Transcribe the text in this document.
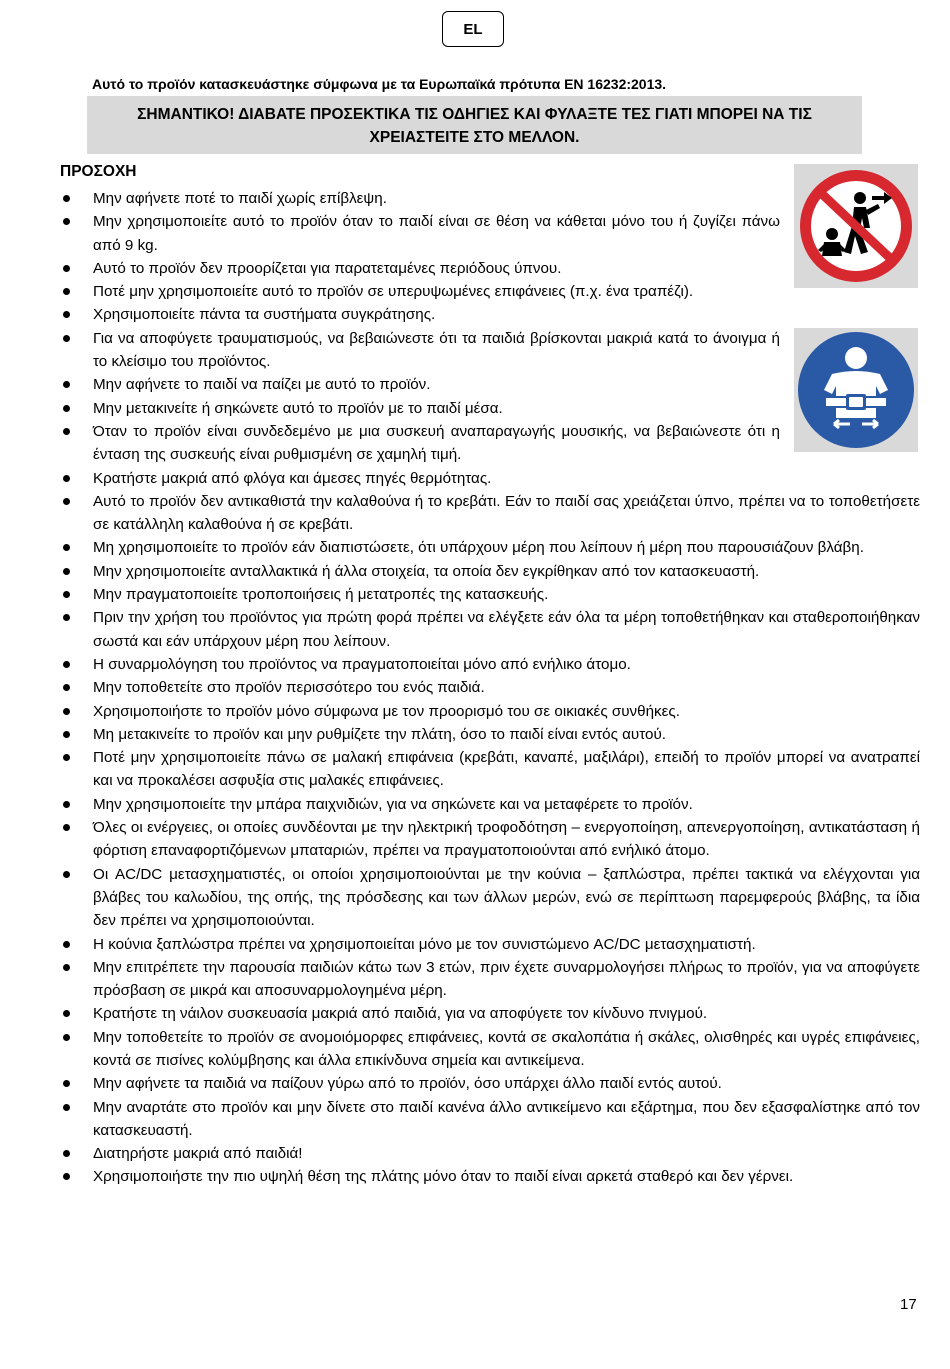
EL
Αυτό το προϊόν κατασκευάστηκε σύμφωνα με τα Ευρωπαϊκά πρότυπα EN 16232:2013.
ΣΗΜΑΝΤΙΚΟ! ΔΙΑΒΑΤΕ ΠΡΟΣΕΚΤΙΚΑ ΤΙΣ ΟΔΗΓΙΕΣ ΚΑΙ ΦΥΛΑΞΤΕ ΤΕΣ ΓΙΑΤΙ ΜΠΟΡΕΙ ΝΑ ΤΙΣ
ΧΡΕΙΑΣΤΕΙΤΕ ΣΤΟ ΜΕΛΛΟΝ.
ΠΡΟΣΟΧΗ
Μην αφήνετε ποτέ το παιδί χωρίς επίβλεψη.
Μην χρησιμοποιείτε αυτό το προϊόν όταν το παιδί είναι σε θέση να κάθεται μόνο του ή ζυγίζει πάνω από 9 kg.
Αυτό το προϊόν δεν προορίζεται για παρατεταμένες περιόδους ύπνου.
Ποτέ μην χρησιμοποιείτε αυτό το προϊόν σε υπερυψωμένες επιφάνειες (π.χ. ένα τραπέζι).
Χρησιμοποιείτε πάντα τα συστήματα συγκράτησης.
Για να αποφύγετε τραυματισμούς, να βεβαιώνεστε ότι τα παιδιά βρίσκονται μακριά κατά το άνοιγμα ή το κλείσιμο του προϊόντος.
Μην αφήνετε το παιδί να παίζει με αυτό το προϊόν.
Μην μετακινείτε ή σηκώνετε αυτό το προϊόν με το παιδί μέσα.
Όταν το προϊόν είναι συνδεδεμένο με μια συσκευή αναπαραγωγής μουσικής, να βεβαιώνεστε ότι η ένταση της συσκευής είναι ρυθμισμένη σε χαμηλή τιμή.
Κρατήστε μακριά από φλόγα και άμεσες πηγές θερμότητας.
Αυτό το προϊόν δεν αντικαθιστά την καλαθούνα ή το κρεβάτι. Εάν το παιδί σας χρειάζεται ύπνο, πρέπει να το τοποθετήσετε σε κατάλληλη καλαθούνα ή σε κρεβάτι.
Μη χρησιμοποιείτε το προϊόν εάν διαπιστώσετε, ότι υπάρχουν μέρη που λείπουν ή μέρη που παρουσιάζουν βλάβη.
Μην χρησιμοποιείτε ανταλλακτικά ή άλλα στοιχεία, τα οποία δεν εγκρίθηκαν από τον κατασκευαστή.
Μην πραγματοποιείτε τροποποιήσεις ή μετατροπές της κατασκευής.
Πριν την χρήση του προϊόντος για πρώτη φορά πρέπει να ελέγξετε εάν όλα τα μέρη τοποθετήθηκαν και σταθεροποιήθηκαν σωστά και εάν υπάρχουν μέρη που λείπουν.
Η συναρμολόγηση του προϊόντος να πραγματοποιείται μόνο από ενήλικο άτομο.
Μην τοποθετείτε στο προϊόν περισσότερο του ενός παιδιά.
Χρησιμοποιήστε το προϊόν μόνο σύμφωνα με τον προορισμό του σε οικιακές συνθήκες.
Μη μετακινείτε το προϊόν και μην ρυθμίζετε την πλάτη, όσο το παιδί είναι εντός αυτού.
Ποτέ μην χρησιμοποιείτε πάνω σε μαλακή επιφάνεια (κρεβάτι, καναπέ, μαξιλάρι), επειδή το προϊόν μπορεί να ανατραπεί και να προκαλέσει ασφυξία στις μαλακές επιφάνειες.
Μην χρησιμοποιείτε την μπάρα παιχνιδιών, για να σηκώνετε και να μεταφέρετε το προϊόν.
Όλες οι ενέργειες, οι οποίες συνδέονται με την ηλεκτρική τροφοδότηση – ενεργοποίηση, απενεργοποίηση, αντικατάσταση ή φόρτιση επαναφορτιζόμενων μπαταριών, πρέπει να πραγματοποιούνται από ενήλικό άτομο.
Οι AC/DC μετασχηματιστές, οι οποίοι χρησιμοποιούνται με την κούνια – ξαπλώστρα, πρέπει τακτικά να ελέγχονται για βλάβες του καλωδίου, της οπής, της πρόσδεσης και των άλλων μερών, ενώ σε περίπτωση παρεμφερούς βλάβης, τα ίδια δεν πρέπει να χρησιμοποιούνται.
Η κούνια ξαπλώστρα πρέπει να χρησιμοποιείται μόνο με τον συνιστώμενο AC/DC μετασχηματιστή.
Μην επιτρέπετε την παρουσία παιδιών κάτω των 3 ετών, πριν έχετε συναρμολογήσει πλήρως το προϊόν, για να αποφύγετε πρόσβαση σε μικρά και αποσυναρμολογημένα μέρη.
Κρατήστε τη νάιλον συσκευασία μακριά από παιδιά, για να αποφύγετε τον κίνδυνο πνιγμού.
Μην τοποθετείτε το προϊόν σε ανομοιόμορφες επιφάνειες, κοντά σε σκαλοπάτια ή σκάλες, ολισθηρές και υγρές επιφάνειες, κοντά σε πισίνες κολύμβησης και άλλα επικίνδυνα σημεία και αντικείμενα.
Μην αφήνετε τα παιδιά να παίζουν γύρω από το προϊόν, όσο υπάρχει άλλο παιδί εντός αυτού.
Μην αναρτάτε στο προϊόν και μην δίνετε στο παιδί κανένα άλλο αντικείμενο και εξάρτημα, που δεν εξασφαλίστηκε από τον κατασκευαστή.
Διατηρήστε μακριά από παιδιά!
Χρησιμοποιήστε την πιο υψηλή θέση της πλάτης μόνο όταν το παιδί είναι αρκετά σταθερό και δεν γέρνει.
17
